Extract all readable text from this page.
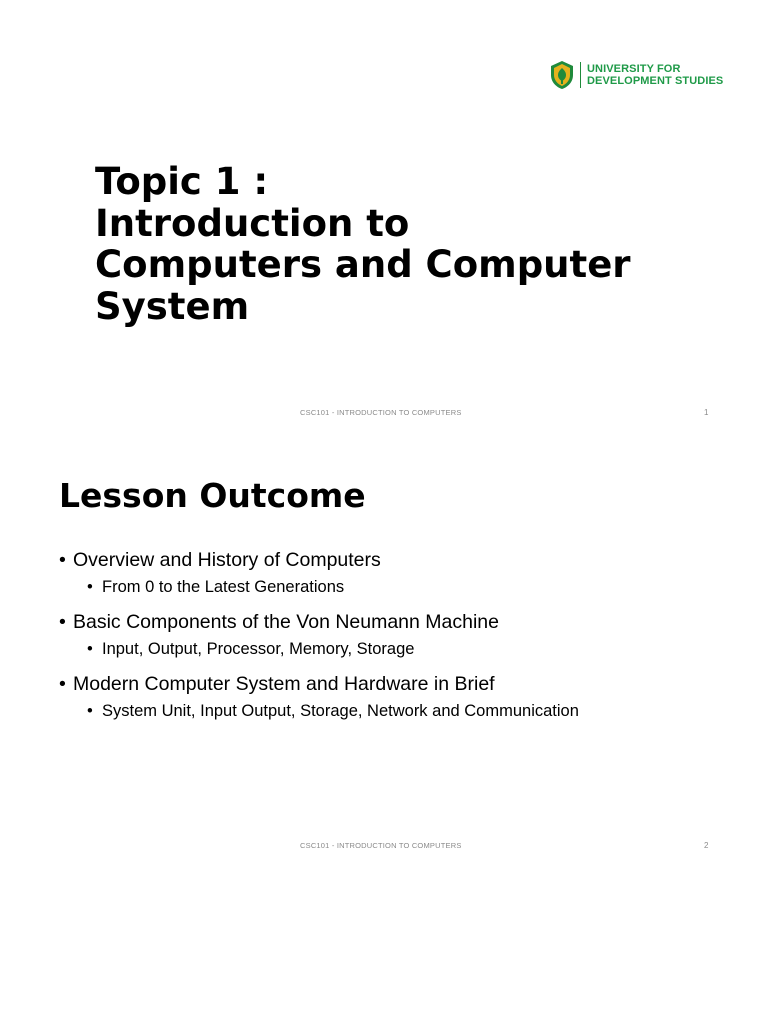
UNIVERSITY FOR
DEVELOPMENT STUDIES
Topic 1 :
Introduction to
Computers and Computer
System
CSC101 - INTRODUCTION TO COMPUTERS	1
Lesson Outcome
• Overview and History of Computers
• From 0 to the Latest Generations
• Basic Components of the Von Neumann Machine
• Input, Output, Processor, Memory, Storage
• Modern Computer System and Hardware in Brief
• System Unit, Input Output, Storage, Network and Communication
CSC101 - INTRODUCTION TO COMPUTERS	2
